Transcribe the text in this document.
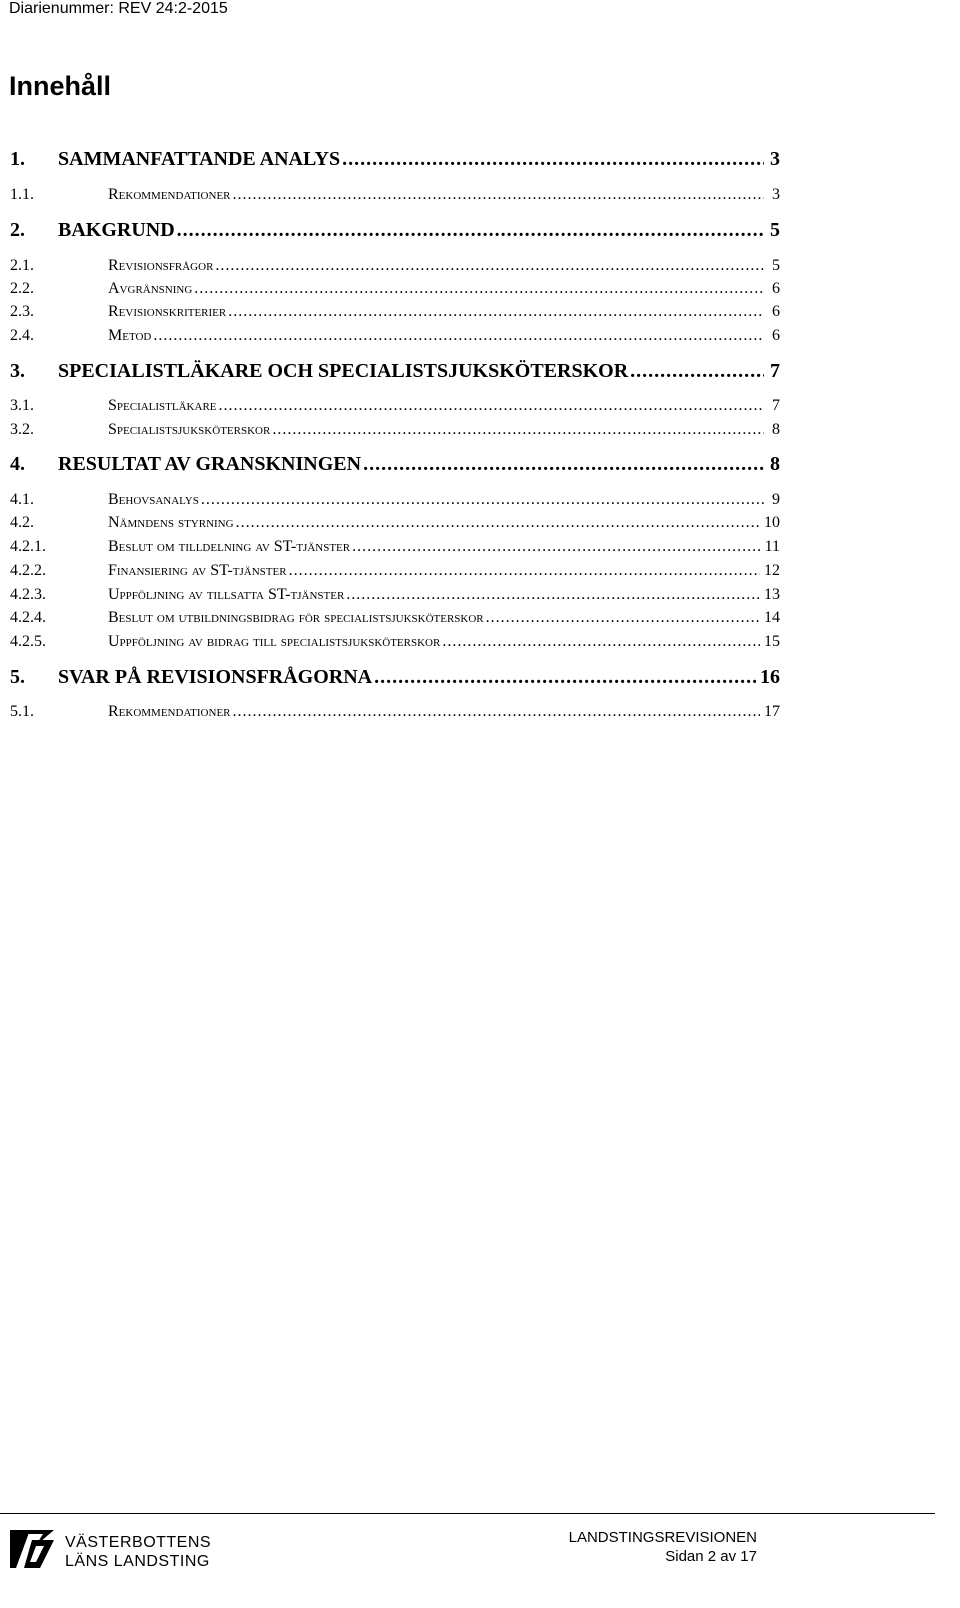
Diarienummer: REV 24:2-2015
Innehåll
1.	SAMMANFATTANDE ANALYS .....	3
1.1.	Rekommendationer .....	3
2.	BAKGRUND .....	5
2.1.	Revisionsfrågor .....	5
2.2.	Avgränsning .....	6
2.3.	Revisionskriterier .....	6
2.4.	Metod .....	6
3.	SPECIALISTLÄKARE OCH SPECIALISTSJUKSKÖTERSKOR .....	7
3.1.	Specialistläkare .....	7
3.2.	Specialistsjuksköterskor .....	8
4.	RESULTAT AV GRANSKNINGEN .....	8
4.1.	Behovsanalys .....	9
4.2.	Nämndens styrning .....	10
4.2.1.	Beslut om tilldelning av ST-tjänster .....	11
4.2.2.	Finansiering av ST-tjänster .....	12
4.2.3.	Uppföljning av tillsatta ST-tjänster .....	13
4.2.4.	Beslut om utbildningsbidrag för specialistsjuksköterskor .....	14
4.2.5.	Uppföljning av bidrag till specialistsjuksköterskor .....	15
5.	SVAR PÅ REVISIONSFRÅGORNA .....	16
5.1.	Rekommendationer .....	17
VÄSTERBOTTENS
LÄNS LANDSTING
LANDSTINGSREVISIONEN
Sidan 2 av 17
